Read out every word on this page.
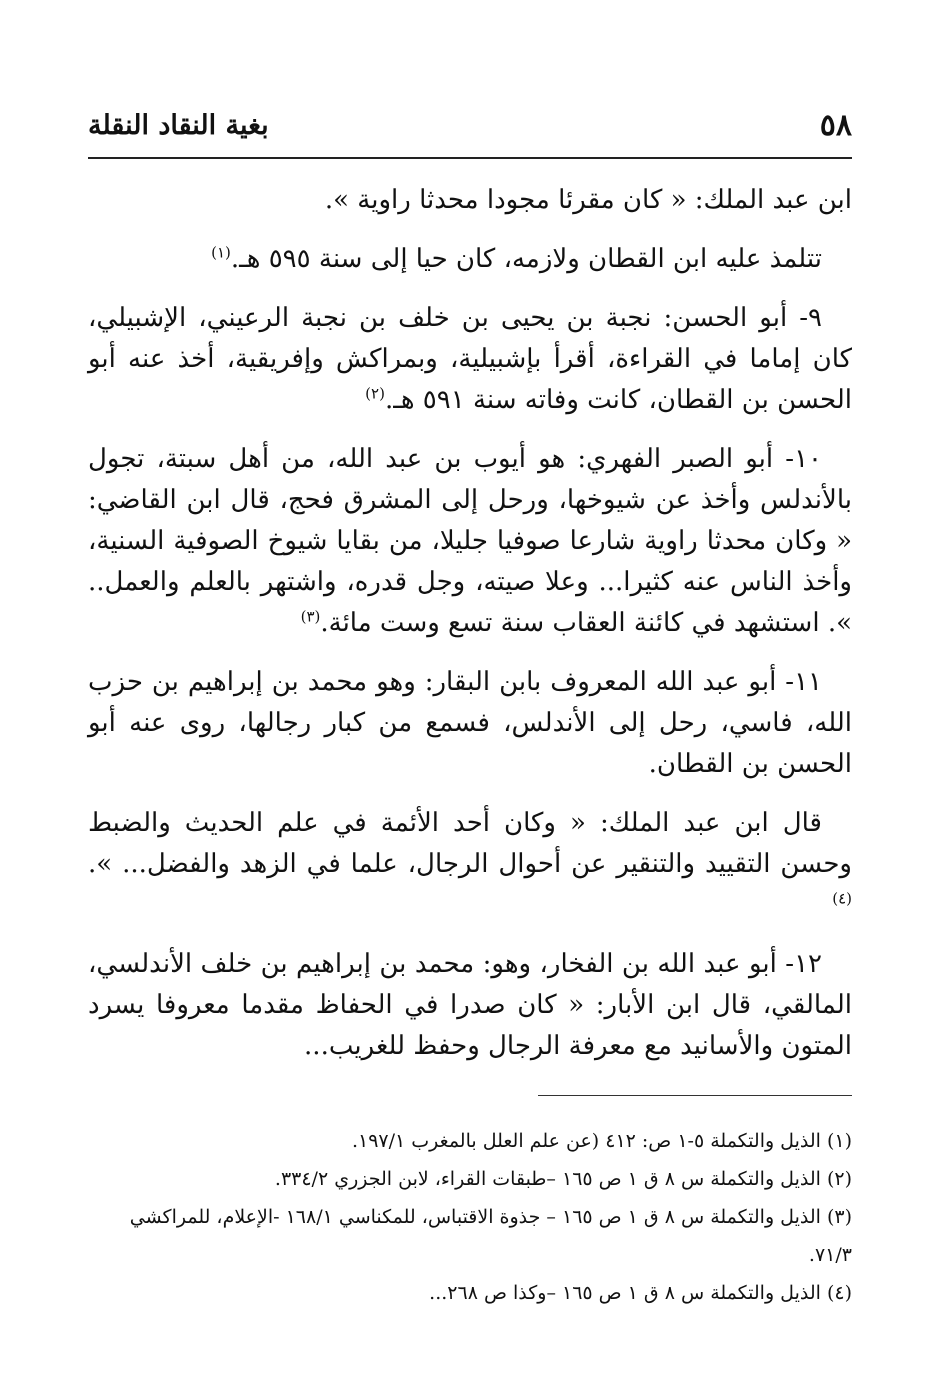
٥٨
بغية النقاد النقلة

ابن عبد الملك: « كان مقرئا مجودا محدثا راوية ».

تتلمذ عليه ابن القطان ولازمه، كان حيا إلى سنة ٥٩٥ هـ.$^{(١)}$

٩- أبو الحسن: نجبة بن يحيى بن خلف بن نجبة الرعيني، الإشبيلي، كان إماما في القراءة، أقرأ بإشبيلية، وبمراكش وإفريقية، أخذ عنه أبو الحسن بن القطان، كانت وفاته سنة ٥٩١ هـ.$^{(٢)}$

١٠- أبو الصبر الفهري: هو أيوب بن عبد الله، من أهل سبتة، تجول بالأندلس وأخذ عن شيوخها، ورحل إلى المشرق فحج، قال ابن القاضي: « وكان محدثا راوية شارعا صوفيا جليلا، من بقايا شيوخ الصوفية السنية، وأخذ الناس عنه كثيرا... وعلا صيته، وجل قدره، واشتهر بالعلم والعمل.. ». استشهد في كائنة العقاب سنة تسع وست مائة.$^{(٣)}$

١١- أبو عبد الله المعروف بابن البقار: وهو محمد بن إبراهيم بن حزب الله، فاسي، رحل إلى الأندلس، فسمع من كبار رجالها، روى عنه أبو الحسن بن القطان.

قال ابن عبد الملك: « وكان أحد الأئمة في علم الحديث والضبط وحسن التقييد والتنقير عن أحوال الرجال، علما في الزهد والفضل... ».$^{(٤)}$

١٢- أبو عبد الله بن الفخار، وهو: محمد بن إبراهيم بن خلف الأندلسي، المالقي، قال ابن الأبار: « كان صدرا في الحفاظ مقدما معروفا يسرد المتون والأسانيد مع معرفة الرجال وحفظ للغريب...

(١) الذيل والتكملة ٥-١ ص: ٤١٢ (عن علم العلل بالمغرب ١٩٧/١.

(٢) الذيل والتكملة س ٨ ق ١ ص ١٦٥ –طبقات القراء، لابن الجزري ٣٣٤/٢.

(٣) الذيل والتكملة س ٨ ق ١ ص ١٦٥ – جذوة الاقتباس، للمكناسي ١٦٨/١ -الإعلام، للمراكشي ٧١/٣.

(٤) الذيل والتكملة س ٨ ق ١ ص ١٦٥ –وكذا ص ٢٦٨...
